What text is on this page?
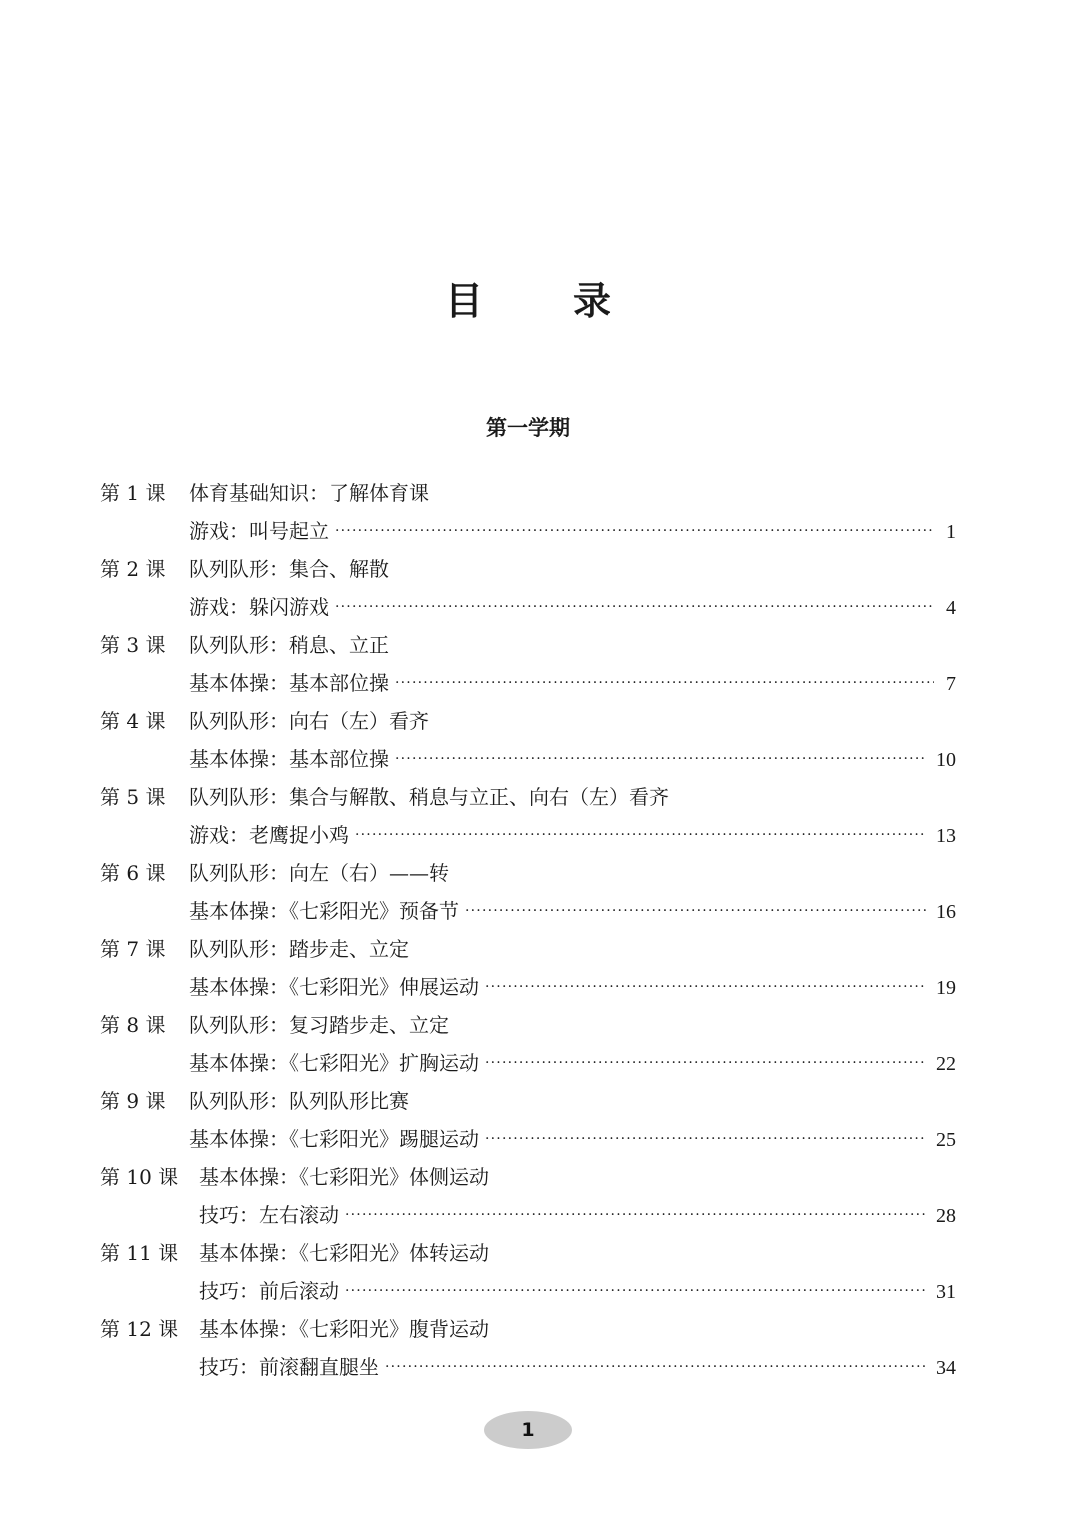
目 录
第一学期
第 1 课 体育基础知识：了解体育课
游戏：叫号起立 ·····	1
第 2 课 队列队形：集合、解散
游戏：躲闪游戏 ·····	4
第 3 课 队列队形：稍息、立正
基本体操：基本部位操 ·····	7
第 4 课 队列队形：向右（左）看齐
基本体操：基本部位操 ·····	10
第 5 课 队列队形：集合与解散、稍息与立正、向右（左）看齐
游戏：老鹰捉小鸡 ·····	13
第 6 课 队列队形：向左（右）——转
基本体操：《七彩阳光》预备节 ·····	16
第 7 课 队列队形：踏步走、立定
基本体操：《七彩阳光》伸展运动 ·····	19
第 8 课 队列队形：复习踏步走、立定
基本体操：《七彩阳光》扩胸运动 ·····	22
第 9 课 队列队形：队列队形比赛
基本体操：《七彩阳光》踢腿运动 ·····	25
第 10 课 基本体操：《七彩阳光》体侧运动
技巧：左右滚动 ·····	28
第 11 课 基本体操：《七彩阳光》体转运动
技巧：前后滚动 ·····	31
第 12 课 基本体操：《七彩阳光》腹背运动
技巧：前滚翻直腿坐 ·····	34
1
